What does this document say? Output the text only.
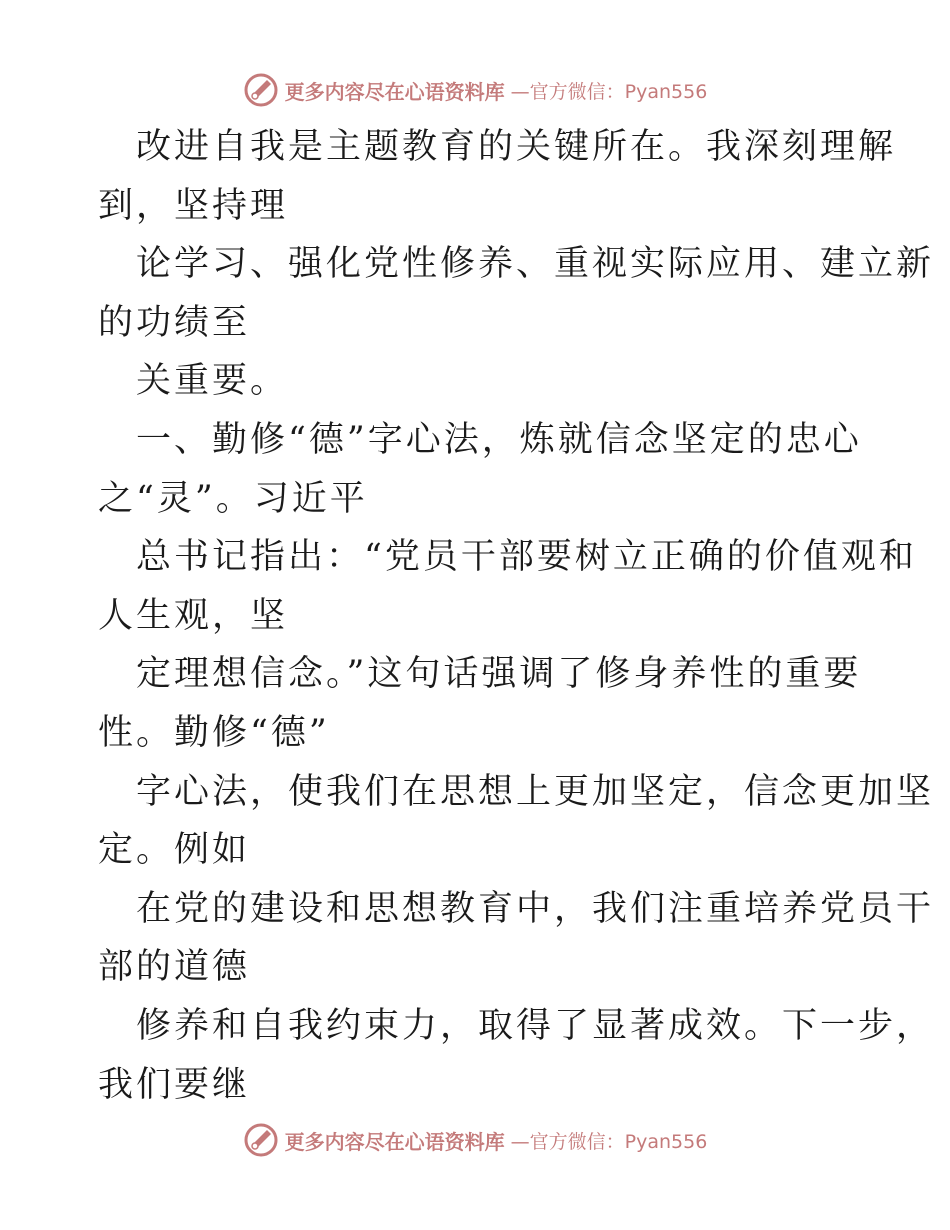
更多内容尽在心语资料库 —官方微信：Pyan556
改进自我是主题教育的关键所在。我深刻理解
到，坚持理
论学习、强化党性修养、重视实际应用、建立新
的功绩至
关重要。
一、勤修“德”字心法，炼就信念坚定的忠心
之“灵”。习近平
总书记指出：“党员干部要树立正确的价值观和
人生观，坚
定理想信念。”这句话强调了修身养性的重要
性。勤修“德”
字心法，使我们在思想上更加坚定，信念更加坚
定。例如
在党的建设和思想教育中，我们注重培养党员干
部的道德
修养和自我约束力，取得了显著成效。下一步，
我们要继
更多内容尽在心语资料库 —官方微信：Pyan556
